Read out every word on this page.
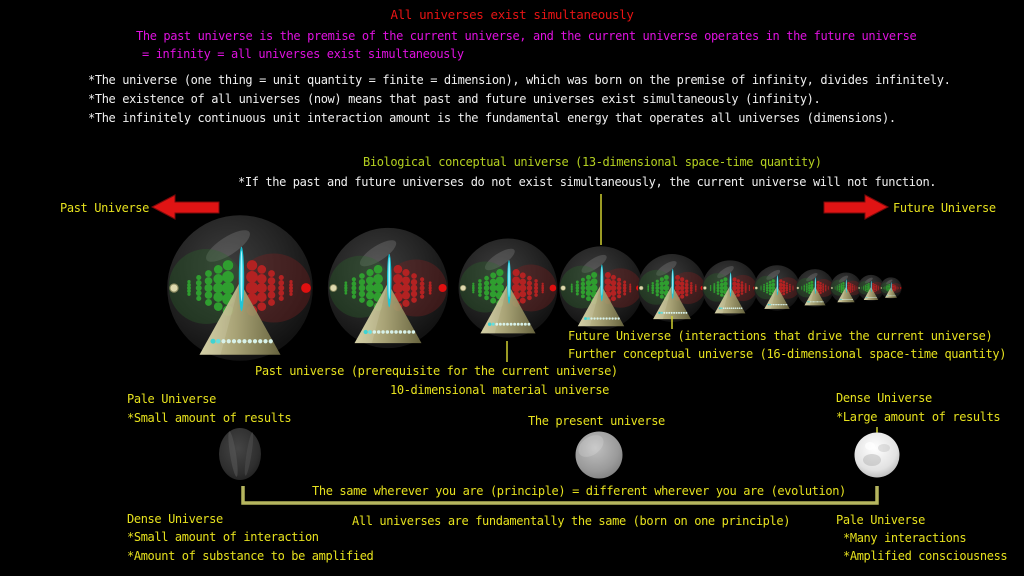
All universes exist simultaneously
The past universe is the premise of the current universe, and the current universe operates in the future universe
= infinity = all universes exist simultaneously
*The universe (one thing = unit quantity = finite = dimension), which was born on the premise of infinity, divides infinitely.
*The existence of all universes (now) means that past and future universes exist simultaneously (infinity).
*The infinitely continuous unit interaction amount is the fundamental energy that operates all universes (dimensions).
Biological conceptual universe (13-dimensional space-time quantity)
*If the past and future universes do not exist simultaneously, the current universe will not function.
Past Universe	Future Universe
Future Universe (interactions that drive the current universe)
Further conceptual universe (16-dimensional space-time quantity)
Past universe (prerequisite for the current universe)
10-dimensional material universe
Pale Universe
*Small amount of results
Dense Universe
*Large amount of results
The present universe
The same wherever you are (principle) = different wherever you are (evolution)
All universes are fundamentally the same (born on one principle)
Dense Universe
*Small amount of interaction
*Amount of substance to be amplified
Pale Universe
*Many interactions
*Amplified consciousness
